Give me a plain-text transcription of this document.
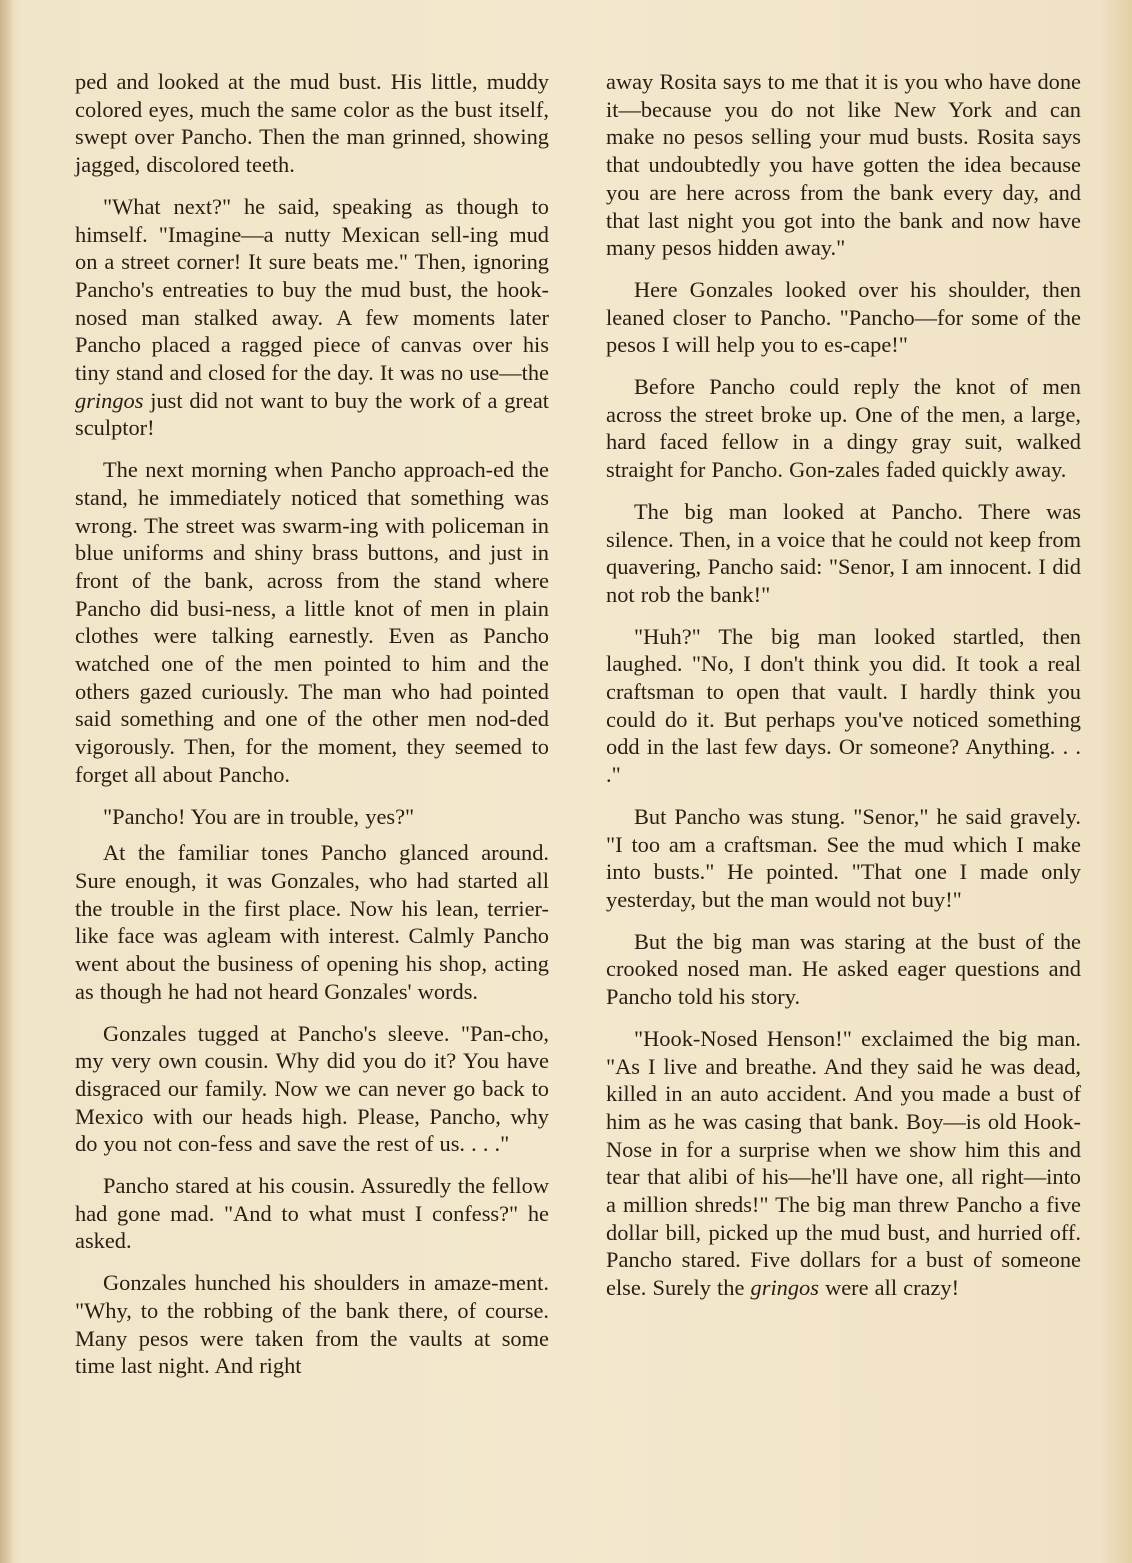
ped and looked at the mud bust. His little, muddy colored eyes, much the same color as the bust itself, swept over Pancho. Then the man grinned, showing jagged, discolored teeth.

"What next?" he said, speaking as though to himself. "Imagine—a nutty Mexican sell-ing mud on a street corner! It sure beats me." Then, ignoring Pancho's entreaties to buy the mud bust, the hook-nosed man stalked away. A few moments later Pancho placed a ragged piece of canvas over his tiny stand and closed for the day. It was no use—the gringos just did not want to buy the work of a great sculptor!

The next morning when Pancho approach-ed the stand, he immediately noticed that something was wrong. The street was swarm-ing with policeman in blue uniforms and shiny brass buttons, and just in front of the bank, across from the stand where Pancho did busi-ness, a little knot of men in plain clothes were talking earnestly. Even as Pancho watched one of the men pointed to him and the others gazed curiously. The man who had pointed said something and one of the other men nod-ded vigorously. Then, for the moment, they seemed to forget all about Pancho.

"Pancho! You are in trouble, yes?"

At the familiar tones Pancho glanced around. Sure enough, it was Gonzales, who had started all the trouble in the first place. Now his lean, terrier-like face was agleam with interest. Calmly Pancho went about the business of opening his shop, acting as though he had not heard Gonzales' words.

Gonzales tugged at Pancho's sleeve. "Pan-cho, my very own cousin. Why did you do it? You have disgraced our family. Now we can never go back to Mexico with our heads high. Please, Pancho, why do you not con-fess and save the rest of us. . . ."

Pancho stared at his cousin. Assuredly the fellow had gone mad. "And to what must I confess?" he asked.

Gonzales hunched his shoulders in amaze-ment. "Why, to the robbing of the bank there, of course. Many pesos were taken from the vaults at some time last night. And right

away Rosita says to me that it is you who have done it—because you do not like New York and can make no pesos selling your mud busts. Rosita says that undoubtedly you have gotten the idea because you are here across from the bank every day, and that last night you got into the bank and now have many pesos hidden away."

Here Gonzales looked over his shoulder, then leaned closer to Pancho. "Pancho—for some of the pesos I will help you to es-cape!"

Before Pancho could reply the knot of men across the street broke up. One of the men, a large, hard faced fellow in a dingy gray suit, walked straight for Pancho. Gon-zales faded quickly away.

The big man looked at Pancho. There was silence. Then, in a voice that he could not keep from quavering, Pancho said: "Senor, I am innocent. I did not rob the bank!"

"Huh?" The big man looked startled, then laughed. "No, I don't think you did. It took a real craftsman to open that vault. I hardly think you could do it. But perhaps you've noticed something odd in the last few days. Or someone? Anything. . . ."

But Pancho was stung. "Senor," he said gravely. "I too am a craftsman. See the mud which I make into busts." He pointed. "That one I made only yesterday, but the man would not buy!"

But the big man was staring at the bust of the crooked nosed man. He asked eager questions and Pancho told his story.

"Hook-Nosed Henson!" exclaimed the big man. "As I live and breathe. And they said he was dead, killed in an auto accident. And you made a bust of him as he was casing that bank. Boy—is old Hook-Nose in for a surprise when we show him this and tear that alibi of his—he'll have one, all right—into a million shreds!" The big man threw Pancho a five dollar bill, picked up the mud bust, and hurried off. Pancho stared. Five dollars for a bust of someone else. Surely the gringos were all crazy!
